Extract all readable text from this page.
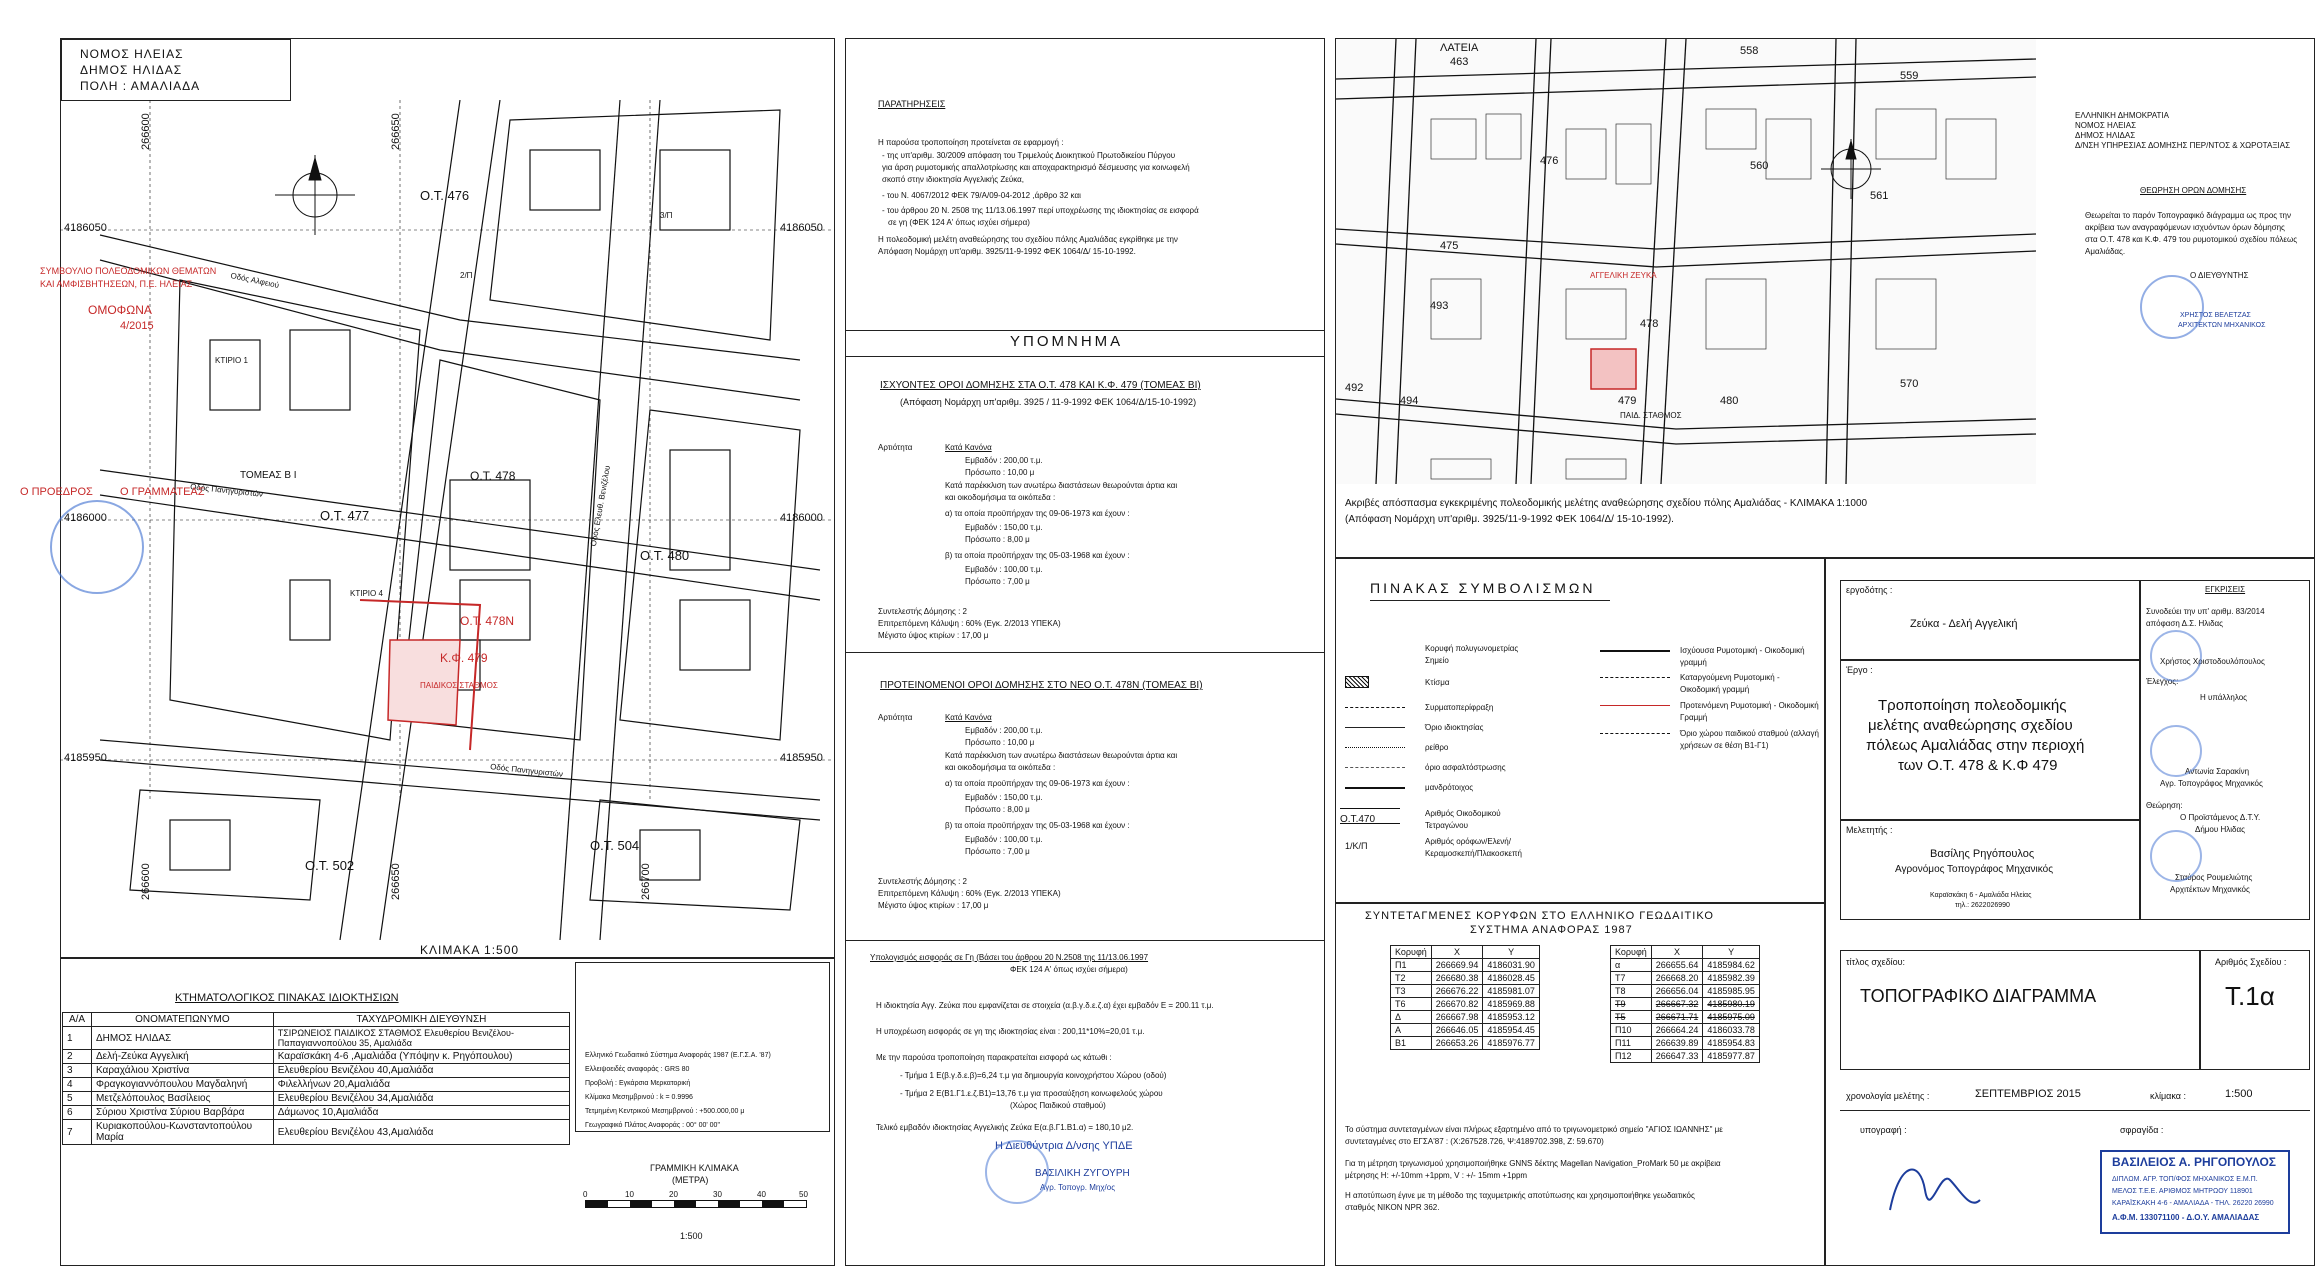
ΝΟΜΟΣ ΗΛΕΙΑΣ
ΔΗΜΟΣ ΗΛΙΔΑΣ
ΠΟΛΗ : ΑΜΑΛΙΑΔΑ
266600	266650
266600	266650	266700
4186050	4186050
4186000	4186000
4185950	4185950
Ο.Τ. 476
Ο.Τ. 477
Ο.Τ. 478
Ο.Τ. 478Ν
Κ.Φ. 479
Ο.Τ. 480
Ο.Τ. 502
Ο.Τ. 504
Οδός Αλφειού
Οδός Πανηγυριστών
Οδός Πανηγυριστών
Οδός Ελευθ. Βενιζέλου
ΚΤΙΡΙΟ 1
ΚΤΙΡΙΟ 4
2/Π
3/Π
ΤΟΜΕΑΣ Β Ι
ΠΑΙΔΙΚΟΣ ΣΤΑΘΜΟΣ
ΣΥΜΒΟΥΛΙΟ ΠΟΛΕΟΔΟΜΙΚΩΝ ΘΕΜΑΤΩΝ
ΚΑΙ ΑΜΦΙΣΒΗΤΗΣΕΩΝ, Π.Ε. ΗΛΕΙΑΣ
ΟΜΟΦΩΝΑ
4/2015
Ο ΠΡΟΕΔΡΟΣ Ο ΓΡΑΜΜΑΤΕΑΣ
ΚΛΙΜΑΚΑ 1:500
ΚΤΗΜΑΤΟΛΟΓΙΚΟΣ ΠΙΝΑΚΑΣ ΙΔΙΟΚΤΗΣΙΩΝ
Α/Α	ΟΝΟΜΑΤΕΠΩΝΥΜΟ	ΤΑΧΥΔΡΟΜΙΚΗ ΔΙΕΥΘΥΝΣΗ
1	ΔΗΜΟΣ ΗΛΙΔΑΣ	ΤΣΙΡΩΝΕΙΟΣ ΠΑΙΔΙΚΟΣ ΣΤΑΘΜΟΣ Ελευθερίου Βενιζέλου- Παπαγιαννοπούλου 35, Αμαλιάδα
2	Δελή-Ζεύκα Αγγελική	Καραϊσκάκη 4-6 ,Αμαλιάδα (Υπόψην κ. Ρηγόπουλου)
3	Καραχάλιου Χριστίνα	Ελευθερίου Βενιζέλου 40,Αμαλιάδα
4	Φραγκογιαννόπουλου Μαγδαληνή	Φιλελλήνων 20,Αμαλιάδα
5	Μετζελόπουλος Βασίλειος	Ελευθερίου Βενιζέλου 34,Αμαλιάδα
6	Σύριου Χριστίνα Σύριου Βαρβάρα	Δάμωνος 10,Αμαλιάδα
7	Κυριακοπούλου-Κωνσταντοπούλου Μαρία	Ελευθερίου Βενιζέλου 43,Αμαλιάδα
Ελληνικό Γεωδαιτικό Σύστημα Αναφοράς 1987 (Ε.Γ.Σ.Α. '87)
Ελλειψοειδές αναφοράς : GRS 80
Προβολή : Εγκάρσια Μερκατορική
Κλίμακα Μεσημβρινού : k = 0.9996
Τετμημένη Κεντρικού Μεσημβρινού : +500.000,00 μ
Γεωγραφικό Πλάτος Αναφοράς : 00° 00' 00"
ΓΡΑΜΜΙΚΗ ΚΛΙΜΑΚΑ
(ΜΕΤΡΑ)
0	10	20	30	40	50
1:500
ΠΑΡΑΤΗΡΗΣΕΙΣ
Η παρούσα τροποποίηση προτείνεται σε εφαρμογή :
- της υπ'αριθμ. 30/2009 απόφαση του Τριμελούς Διοικητικού Πρωτοδικείου Πύργου
για άρση ρυμοτομικής απαλλοτρίωσης και αποχαρακτηρισμό δέσμευσης για κοινωφελή
σκοπό στην ιδιοκτησία Αγγελικής Ζεύκα,
- του Ν. 4067/2012 ΦΕΚ 79/Α/09-04-2012 ,άρθρο 32 και
- του άρθρου 20 Ν. 2508 της 11/13.06.1997 περί υποχρέωσης της ιδιοκτησίας σε εισφορά
σε γη (ΦΕΚ 124 Α' όπως ισχύει σήμερα)
Η πολεοδομική μελέτη αναθεώρησης του σχεδίου πόλης Αμαλιάδας εγκρίθηκε με την
Απόφαση Νομάρχη υπ'αριθμ. 3925/11-9-1992 ΦΕΚ 1064/Δ/ 15-10-1992.
ΥΠΟΜΝΗΜΑ
ΙΣΧΥΟΝΤΕΣ ΟΡΟΙ ΔΟΜΗΣΗΣ ΣΤΑ Ο.Τ. 478 ΚΑΙ Κ.Φ. 479 (ΤΟΜΕΑΣ ΒΙ)
(Απόφαση Νομάρχη υπ'αριθμ. 3925 / 11-9-1992 ΦΕΚ 1064/Δ/15-10-1992)
Αρτιότητα	Κατά Κανόνα
Εμβαδόν : 200,00 τ.μ.
Πρόσωπο : 10,00 μ
Κατά παρέκκλιση των ανωτέρω διαστάσεων θεωρούνται άρτια και
και οικοδομήσιμα τα οικόπεδα :
α) τα οποία προϋπήρχαν της 09-06-1973 και έχουν :
Εμβαδόν : 150,00 τ.μ.
Πρόσωπο : 8,00 μ
β) τα οποία προϋπήρχαν της 05-03-1968 και έχουν :
Εμβαδόν : 100,00 τ.μ.
Πρόσωπο : 7,00 μ
Συντελεστής Δόμησης : 2
Επιτρεπόμενη Κάλυψη : 60% (Εγκ. 2/2013 ΥΠΕΚΑ)
Μέγιστο ύψος κτιρίων : 17,00 μ
ΠΡΟΤΕΙΝΟΜΕΝΟΙ ΟΡΟΙ ΔΟΜΗΣΗΣ ΣΤΟ ΝΕΟ Ο.Τ. 478Ν (ΤΟΜΕΑΣ ΒΙ)
Αρτιότητα	Κατά Κανόνα
Εμβαδόν : 200,00 τ.μ.
Πρόσωπο : 10,00 μ
Κατά παρέκκλιση των ανωτέρω διαστάσεων θεωρούνται άρτια και
και οικοδομήσιμα τα οικόπεδα :
α) τα οποία προϋπήρχαν της 09-06-1973 και έχουν :
Εμβαδόν : 150,00 τ.μ.
Πρόσωπο : 8,00 μ
β) τα οποία προϋπήρχαν της 05-03-1968 και έχουν :
Εμβαδόν : 100,00 τ.μ.
Πρόσωπο : 7,00 μ
Συντελεστής Δόμησης : 2
Επιτρεπόμενη Κάλυψη : 60% (Εγκ. 2/2013 ΥΠΕΚΑ)
Μέγιστο ύψος κτιρίων : 17,00 μ
Υπολογισμός εισφοράς σε Γη (Βάσει του άρθρου 20 Ν.2508 της 11/13.06.1997
ΦΕΚ 124 Α' όπως ισχύει σήμερα)
Η ιδιοκτησία Αγγ. Ζεύκα που εμφανίζεται σε στοιχεία (α.β.γ.δ.ε.ζ.α) έχει εμβαδόν Ε = 200.11 τ.μ.
Η υποχρέωση εισφοράς σε γη της ιδιοκτησίας είναι : 200,11*10%=20,01 τ.μ.
Με την παρούσα τροποποίηση παρακρατείται εισφορά ως κάτωθι :
- Τμήμα 1 Ε(β.γ.δ.ε.β)=6,24 τ.μ για δημιουργία κοινοχρήστου Χώρου (οδού)
- Τμήμα 2 Ε(Β1.Γ1.ε.ζ.Β1)=13,76 τ.μ για προσαύξηση κοινωφελούς χώρου
(Χώρος Παιδικού σταθμού)
Τελικό εμβαδόν ιδιοκτησίας Αγγελικής Ζεύκα Ε(α.β.Γ1.Β1.α) = 180,10 μ2.
Η Διευθύντρια Δ/νσης ΥΠΔΕ
ΒΑΣΙΛΙΚΗ ΖΥΓΟΥΡΗ
Αγρ. Τοπογρ. Μηχ/ος
ΛΑΤΕΙΑ
463
558
559
560
561
475
476
478
479	480
492
493
494
570
ΑΓΓΕΛΙΚΗ ΖΕΥΚΑ
ΠΑΙΔ. ΣΤΑΘΜΟΣ
Ακριβές απόσπασμα εγκεκριμένης πολεοδομικής μελέτης αναθεώρησης σχεδίου πόλης Αμαλιάδας - ΚΛΙΜΑΚΑ 1:1000
(Απόφαση Νομάρχη υπ'αριθμ. 3925/11-9-1992 ΦΕΚ 1064/Δ/ 15-10-1992).
ΕΛΛΗΝΙΚΗ ΔΗΜΟΚΡΑΤΙΑ
ΝΟΜΟΣ ΗΛΕΙΑΣ
ΔΗΜΟΣ ΗΛΙΔΑΣ
Δ/ΝΣΗ ΥΠΗΡΕΣΙΑΣ ΔΟΜΗΣΗΣ ΠΕΡ/ΝΤΟΣ & ΧΩΡΟΤΑΞΙΑΣ
ΘΕΩΡΗΣΗ ΟΡΩΝ ΔΟΜΗΣΗΣ
Θεωρείται το παρόν Τοπογραφικό διάγραμμα ως προς την
ακρίβεια των αναγραφόμενων ισχυόντων όρων δόμησης
στα Ο.Τ. 478 και Κ.Φ. 479 του ρυμοτομικού σχεδίου πόλεως
Αμαλιάδας.
Ο ΔΙΕΥΘΥΝΤΗΣ
ΧΡΗΣΤΟΣ ΒΕΛΕΤΖΑΣ
ΑΡΧΙΤΕΚΤΩΝ ΜΗΧΑΝΙΚΟΣ
ΠΙΝΑΚΑΣ ΣΥΜΒΟΛΙΣΜΩΝ
Κορυφή πολυγωνομετρίας
Σημείο
Κτίσμα
Συρματοπερίφραξη
Όριο ιδιοκτησίας
ρείθρο
όριο ασφαλτόστρωσης
μανδρότοιχος
Αριθμός Οικοδομικού Τετραγώνου
Αριθμός ορόφων/Ελενή/ Κεραμοσκεπή/Πλακοσκεπή
Ο.Τ.470
1/Κ/Π
Ισχύουσα Ρυμοτομική - Οικοδομική γραμμή
Καταργούμενη Ρυμοτομική - Οικοδομική γραμμή
Προτεινόμενη Ρυμοτομική - Οικοδομική Γραμμή
Όριο χώρου παιδικού σταθμού (αλλαγή χρήσεων σε θέση Β1-Γ1)
ΣΥΝΤΕΤΑΓΜΕΝΕΣ ΚΟΡΥΦΩΝ ΣΤΟ ΕΛΛΗΝΙΚΟ ΓΕΩΔΑΙΤΙΚΟ
ΣΥΣΤΗΜΑ ΑΝΑΦΟΡΑΣ 1987
Κορυφή	Χ	Υ
Π1	266669.94	4186031.90
Τ2	266680.38	4186028.45
Τ3	266676.22	4185981.07
Τ6	266670.82	4185969.88
Δ	266667.98	4185953.12
Α	266646.05	4185954.45
Β1	266653.26	4185976.77
Κορυφή	Χ	Υ
α	266655.64	4185984.62
Τ7	266668.20	4185982.39
Τ8	266656.04	4185985.95
Τ9	266667.32	4185980.19
Τ5	266671.71	4185975.09
Π10	266664.24	4186033.78
Π11	266639.89	4185954.83
Π12	266647.33	4185977.87
Το σύστημα συντεταγμένων είναι πλήρως εξαρτημένο από το τριγωνομετρικό σημείο "ΑΓΙΟΣ ΙΩΑΝΝΗΣ" με
συντεταγμένες στο ΕΓΣΑ'87 : (Χ:267528.726, Ψ:4189702.398, Ζ: 59.670)
Για τη μέτρηση τριγωνισμού χρησιμοποιήθηκε GNNS δέκτης Magellan Navigation_ProMark 50 με ακρίβεια
μέτρησης Η: +/-10mm +1ppm, V : +/- 15mm +1ppm
Η αποτύπωση έγινε με τη μέθοδο της ταχυμετρικής αποτύπωσης και χρησιμοποιήθηκε γεωδαιτικός
σταθμός NIKON NPR 362.
εργοδότης :
Ζεύκα - Δελή Αγγελική
Έργο :
Τροποποίηση πολεοδομικής
μελέτης αναθεώρησης σχεδίου
πόλεως Αμαλιάδας στην περιοχή
των Ο.Τ. 478 & Κ.Φ 479
Μελετητής :
Βασίλης Ρηγόπουλος
Αγρονόμος Τοπογράφος Μηχανικός
Καραϊσκάκη 6 - Αμαλιάδα Ηλείας
τηλ.: 2622026990
ΕΓΚΡΙΣΕΙΣ
Συνοδεύει την υπ' αριθμ. 83/2014
απόφαση Δ.Σ. Ηλιδας
Χρήστος Χριστοδουλόπουλος
Έλεγχος:
Η υπάλληλος
Αντωνία Σαρακίνη
Αγρ. Τοπογράφος Μηχανικός
Θεώρηση:
Ο Προϊστάμενος Δ.Τ.Υ.
Δήμου Ηλιδας
Σταύρος Ρουμελιώτης
Αρχιτέκτων Μηχανικός
τίτλος σχεδίου:
ΤΟΠΟΓΡΑΦΙΚΟ ΔΙΑΓΡΑΜΜΑ
Αριθμός Σχεδίου :
Τ.1α
χρονολογία μελέτης :	ΣΕΠΤΕΜΒΡΙΟΣ 2015	κλίμακα :	1:500
υπογραφή :	σφραγίδα :
ΒΑΣΙΛΕΙΟΣ Α. ΡΗΓΟΠΟΥΛΟΣ
ΔΙΠΛΩΜ. ΑΓΡ. ΤΟΠ/ΦΟΣ ΜΗΧΑΝΙΚΟΣ Ε.Μ.Π.
ΜΕΛΟΣ Τ.Ε.Ε. ΑΡΙΘΜΟΣ ΜΗΤΡΩΟΥ 118901
ΚΑΡΑΪΣΚΑΚΗ 4-6 - ΑΜΑΛΙΑΔΑ - ΤΗΛ. 26220 26990
Α.Φ.Μ. 133071100 - Δ.Ο.Υ. ΑΜΑΛΙΑΔΑΣ
